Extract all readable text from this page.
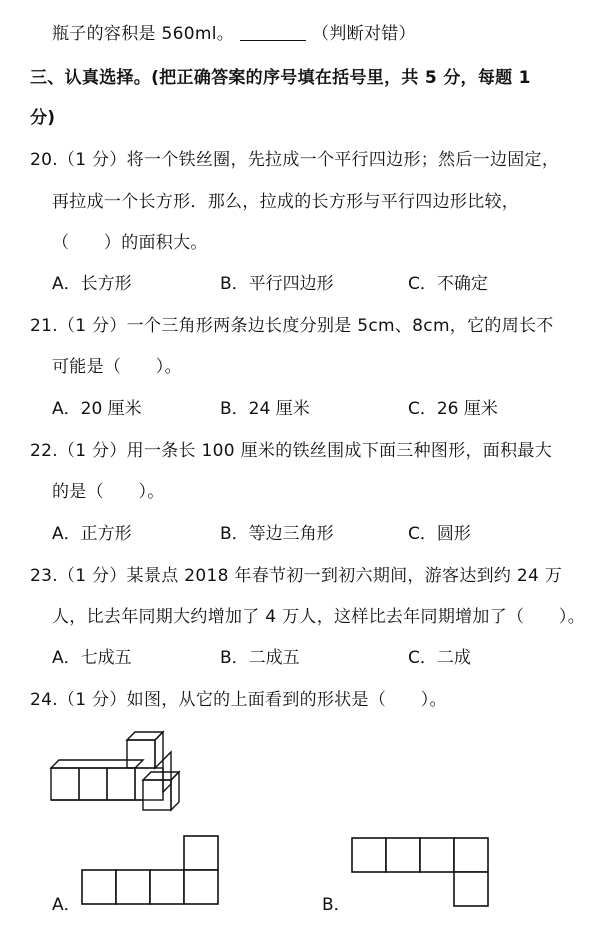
瓶子的容积是 560ml。	（判断对错）
三、认真选择。(把正确答案的序号填在括号里，共 5 分，每题 1
分)
20.（1 分）将一个铁丝圈，先拉成一个平行四边形；然后一边固定，
再拉成一个长方形．那么，拉成的长方形与平行四边形比较，
（　　）的面积大。
A．长方形	B．平行四边形	C．不确定
21.（1 分）一个三角形两条边长度分别是 5cm、8cm，它的周长不
可能是（　　）。
A．20 厘米	B．24 厘米	C．26 厘米
22.（1 分）用一条长 100 厘米的铁丝围成下面三种图形，面积最大
的是（　　）。
A．正方形	B．等边三角形	C．圆形
23.（1 分）某景点 2018 年春节初一到初六期间，游客达到约 24 万
人，比去年同期大约增加了 4 万人，这样比去年同期增加了（　　）。
A．七成五	B．二成五	C．二成
24.（1 分）如图，从它的上面看到的形状是（　　）。
A．	B．
